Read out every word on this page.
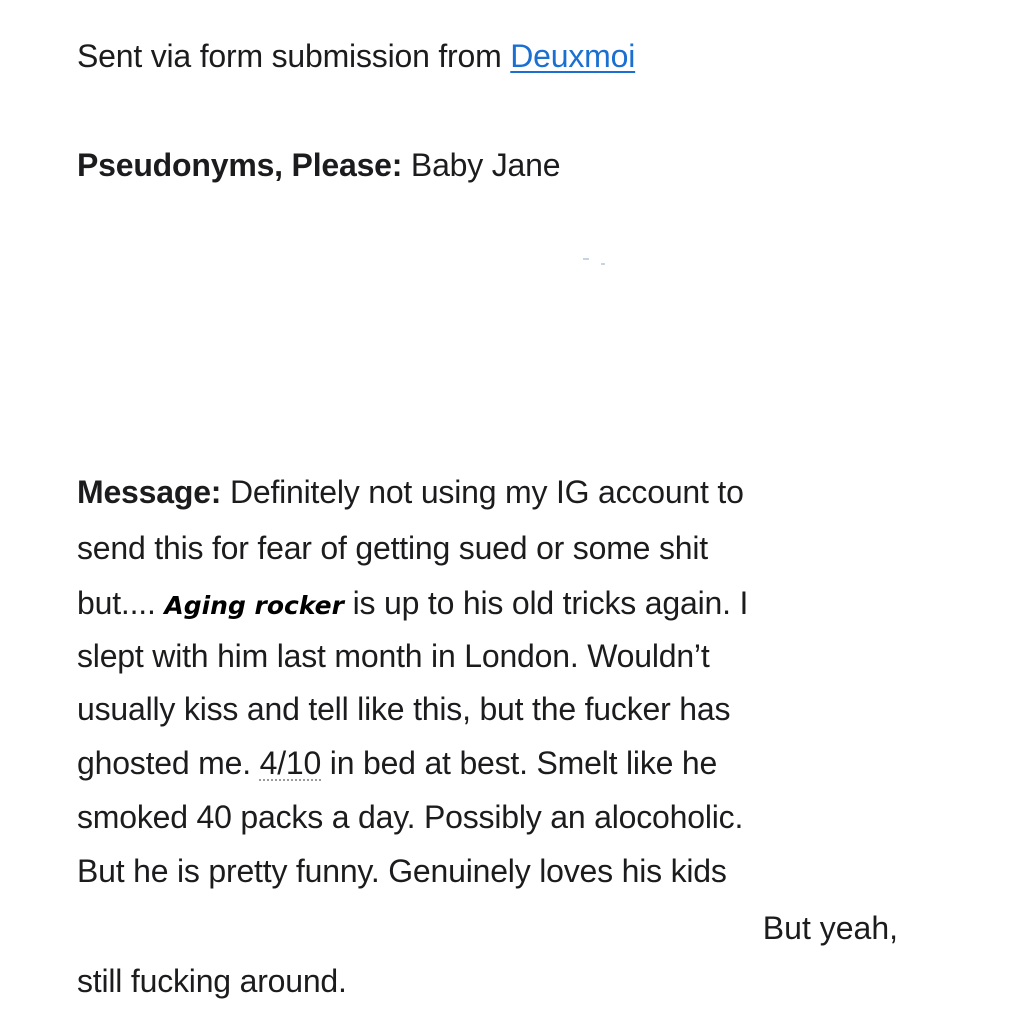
Sent via form submission from Deuxmoi
Pseudonyms, Please: Baby Jane
Message: Definitely not using my IG account to
send this for fear of getting sued or some shit
but.... Aging rocker is up to his old tricks again. I
slept with him last month in London. Wouldn’t
usually kiss and tell like this, but the fucker has
ghosted me. 4/10 in bed at best. Smelt like he
smoked 40 packs a day. Possibly an alocoholic.
But he is pretty funny. Genuinely loves his kids
But yeah,
still fucking around.
